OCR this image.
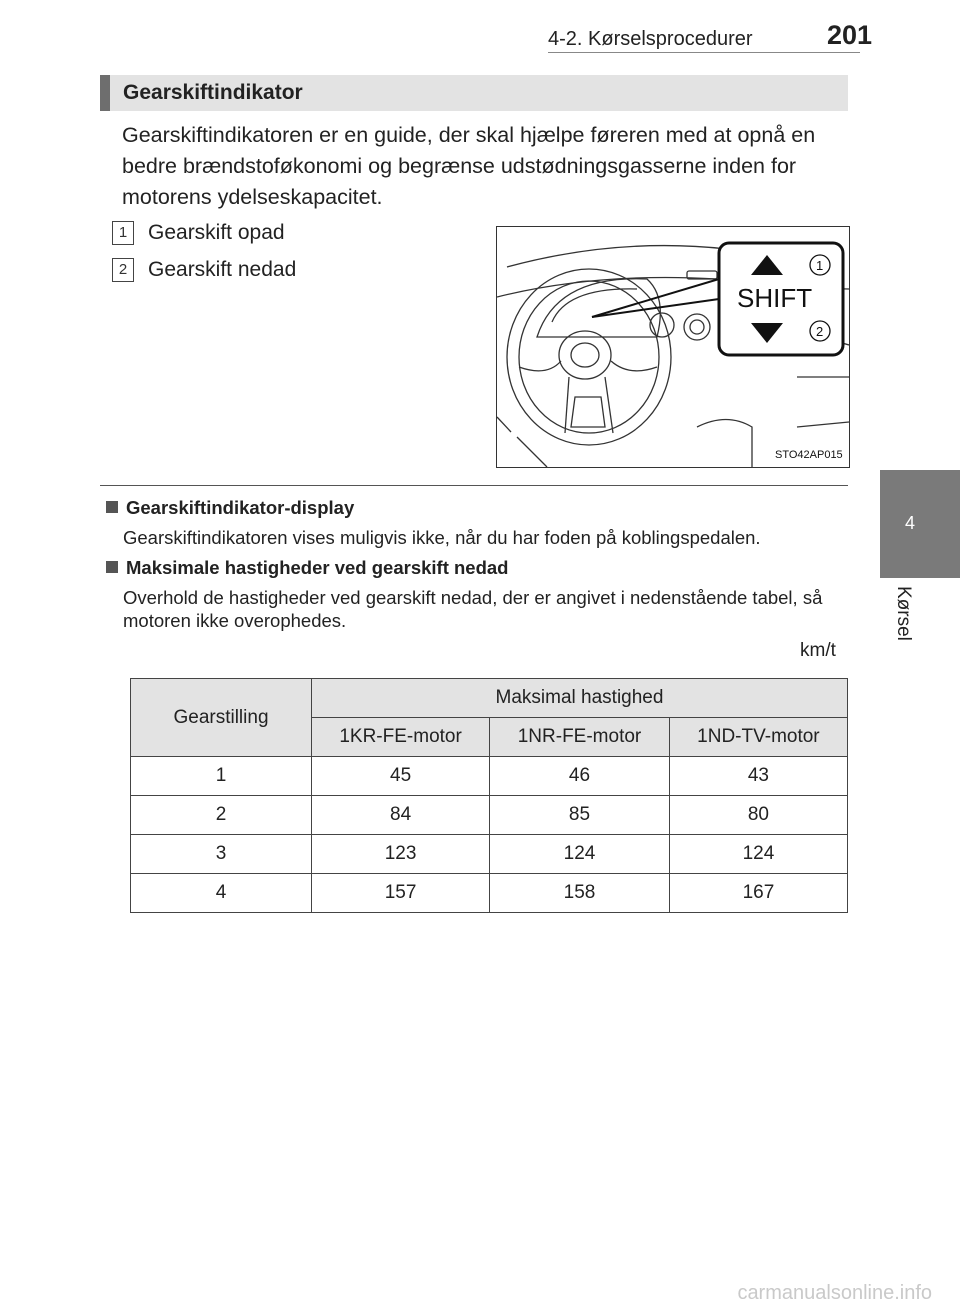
4-2. Kørselsprocedurer	201
4
Kørsel
Gearskiftindikator
Gearskiftindikatoren er en guide, der skal hjælpe føreren med at opnå en bedre brændstoføkonomi og begrænse udstødningsgasserne inden for motorens ydelseskapacitet.
1 Gearskift opad
2 Gearskift nedad
SHIFT
1
2
STO42AP015
Gearskiftindikator-display
Gearskiftindikatoren vises muligvis ikke, når du har foden på koblingspedalen.
Maksimale hastigheder ved gearskift nedad
Overhold de hastigheder ved gearskift nedad, der er angivet i nedenstående tabel, så motoren ikke overophedes.
km/t
Gearstilling	Maksimal hastighed		
	1KR-FE-motor	1NR-FE-motor	1ND-TV-motor
1	45	46	43
2	84	85	80
3	123	124	124
4	157	158	167
carmanualsonline.info
